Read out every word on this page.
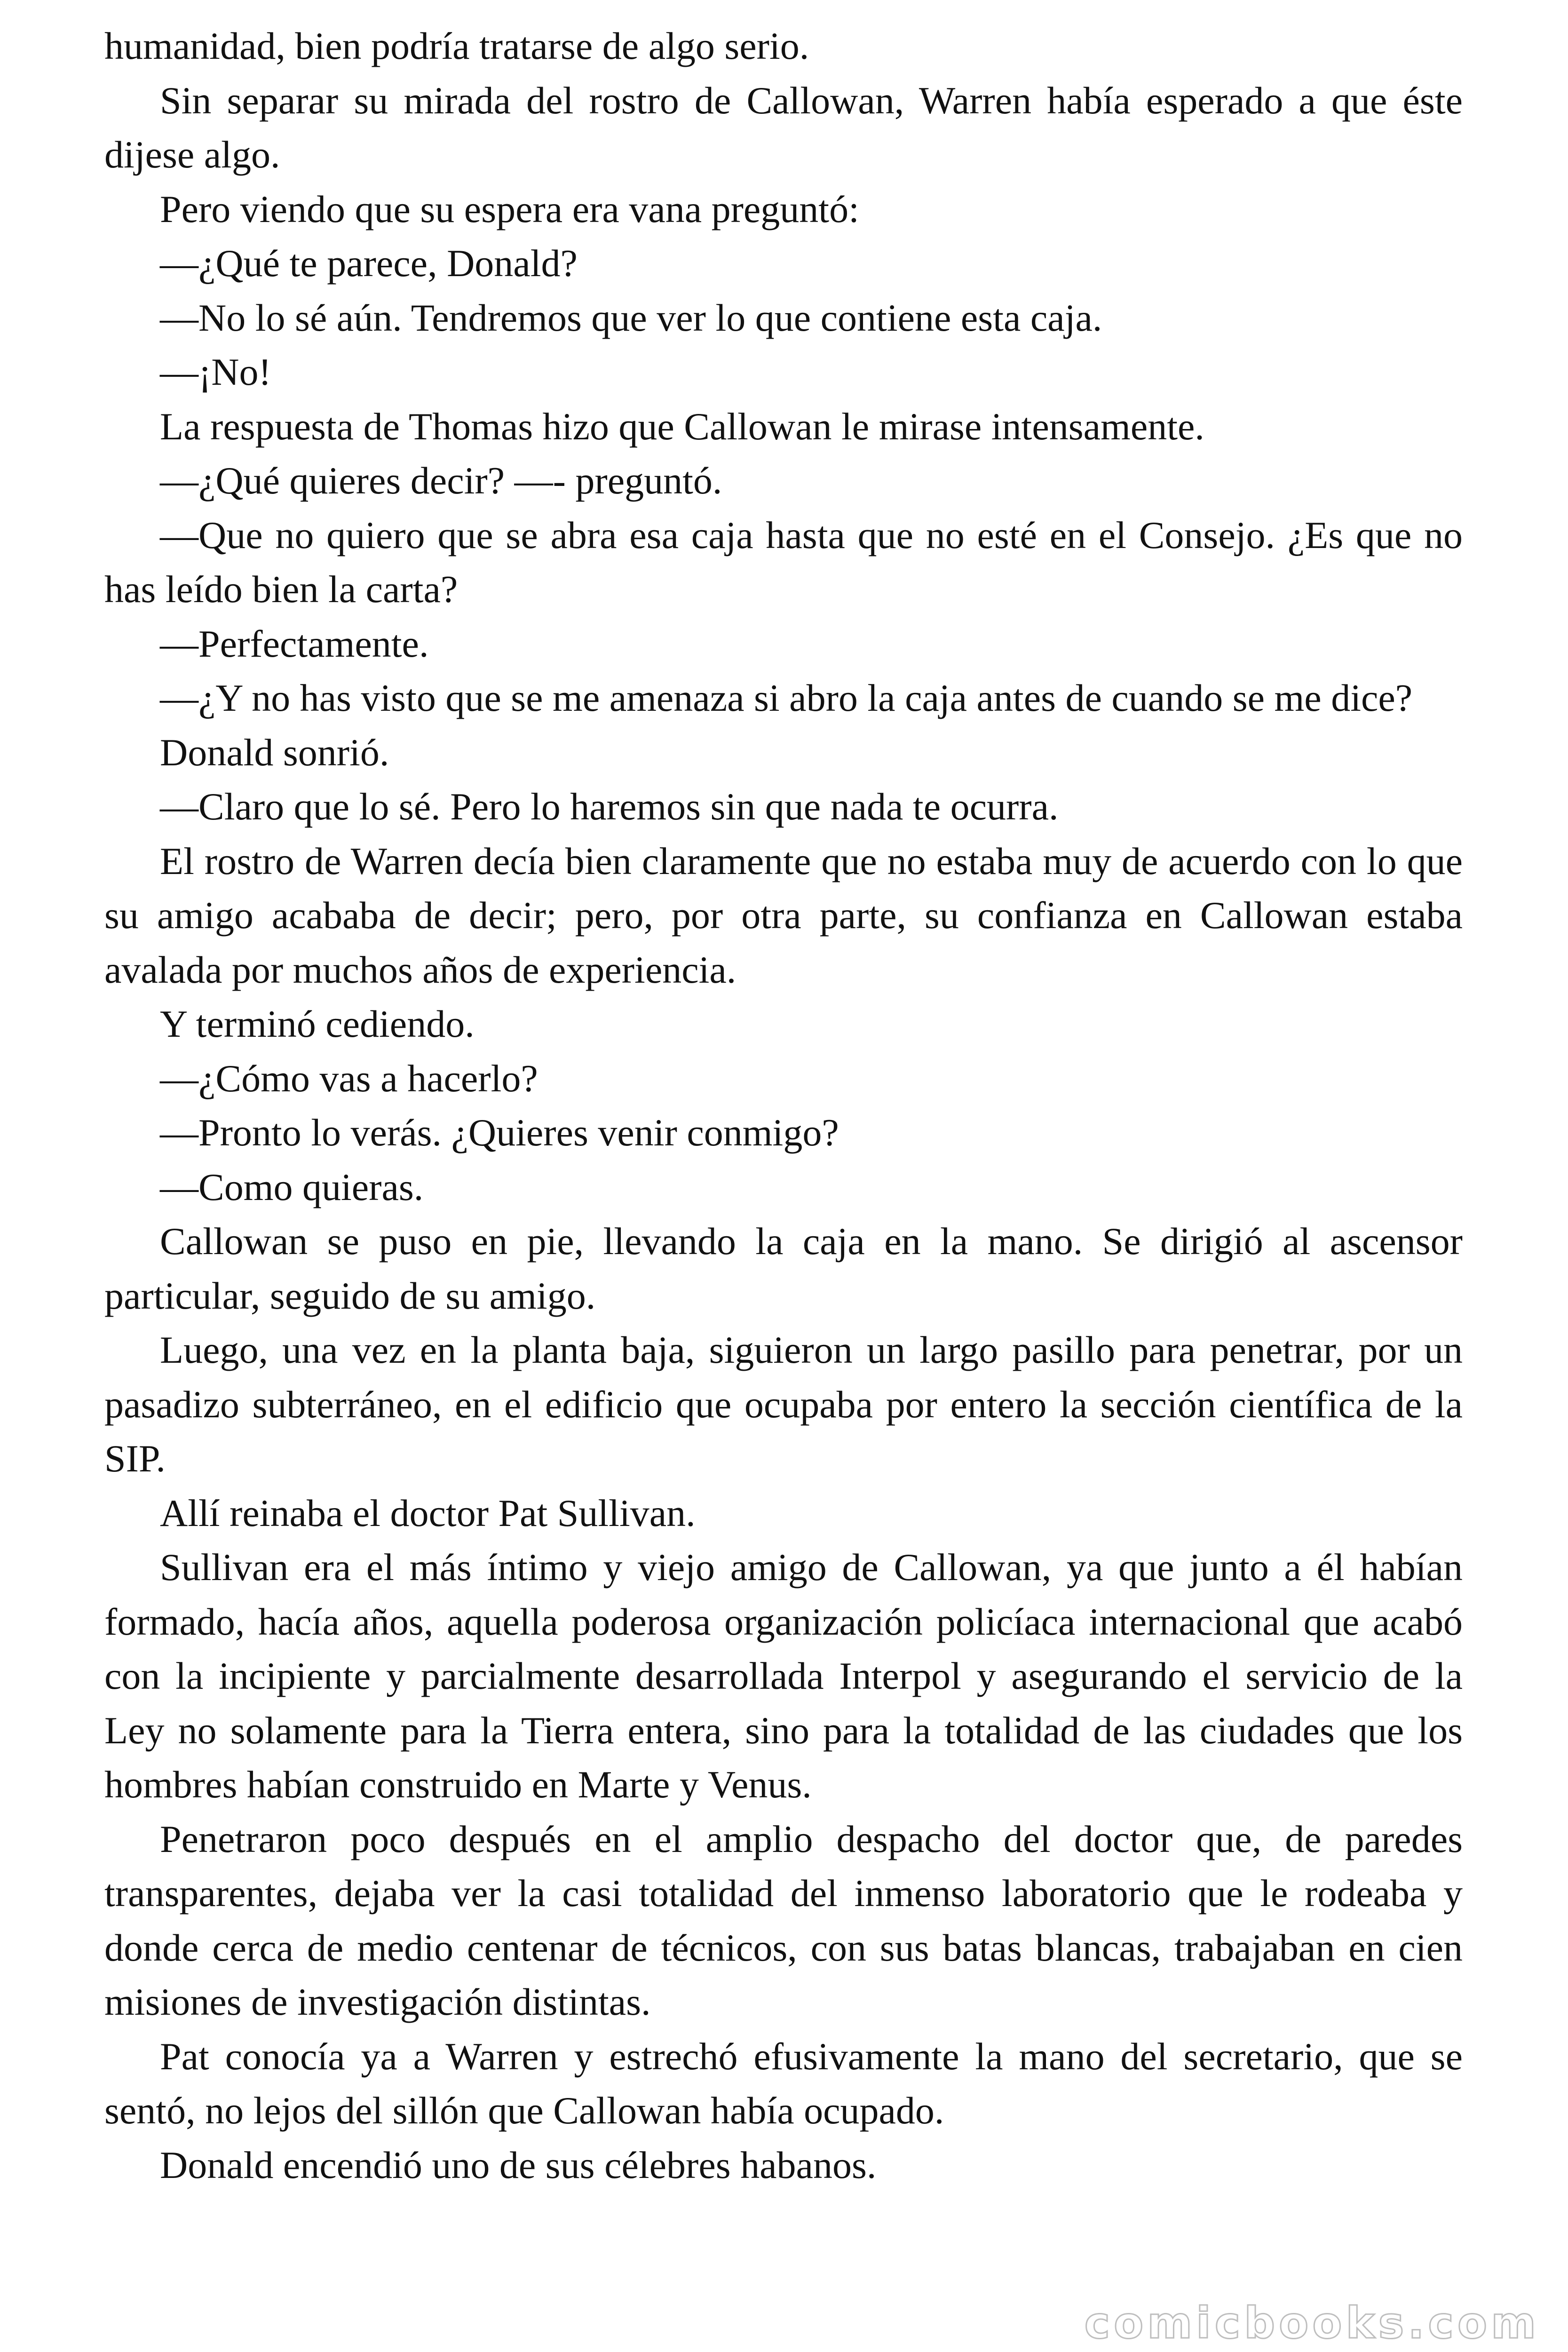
humanidad, bien podría tratarse de algo serio.

Sin separar su mirada del rostro de Callowan, Warren había esperado a que éste dijese algo.

Pero viendo que su espera era vana preguntó:

—¿Qué te parece, Donald?

—No lo sé aún. Tendremos que ver lo que contiene esta caja.

—¡No!

La respuesta de Thomas hizo que Callowan le mirase intensamente.

—¿Qué quieres decir? —- preguntó.

—Que no quiero que se abra esa caja hasta que no esté en el Consejo. ¿Es que no has leído bien la carta?

—Perfectamente.

—¿Y no has visto que se me amenaza si abro la caja antes de cuando se me dice?

Donald sonrió.

—Claro que lo sé. Pero lo haremos sin que nada te ocurra.

El rostro de Warren decía bien claramente que no estaba muy de acuerdo con lo que su amigo acababa de decir; pero, por otra parte, su confianza en Callowan estaba avalada por muchos años de experiencia.

Y terminó cediendo.

—¿Cómo vas a hacerlo?

—Pronto lo verás. ¿Quieres venir conmigo?

—Como quieras.

Callowan se puso en pie, llevando la caja en la mano. Se dirigió al ascensor particular, seguido de su amigo.

Luego, una vez en la planta baja, siguieron un largo pasillo para penetrar, por un pasadizo subterráneo, en el edificio que ocupaba por entero la sección científica de la SIP.

Allí reinaba el doctor Pat Sullivan.

Sullivan era el más íntimo y viejo amigo de Callowan, ya que junto a él habían formado, hacía años, aquella poderosa organización policíaca internacional que acabó con la incipiente y parcialmente desarrollada Interpol y asegurando el servicio de la Ley no solamente para la Tierra entera, sino para la totalidad de las ciudades que los hombres habían construido en Marte y Venus.

Penetraron poco después en el amplio despacho del doctor que, de paredes transparentes, dejaba ver la casi totalidad del inmenso laboratorio que le rodeaba y donde cerca de medio centenar de técnicos, con sus batas blancas, trabajaban en cien misiones de investigación distintas.

Pat conocía ya a Warren y estrechó efusivamente la mano del secretario, que se sentó, no lejos del sillón que Callowan había ocupado.

Donald encendió uno de sus célebres habanos.

comicbooks.com
